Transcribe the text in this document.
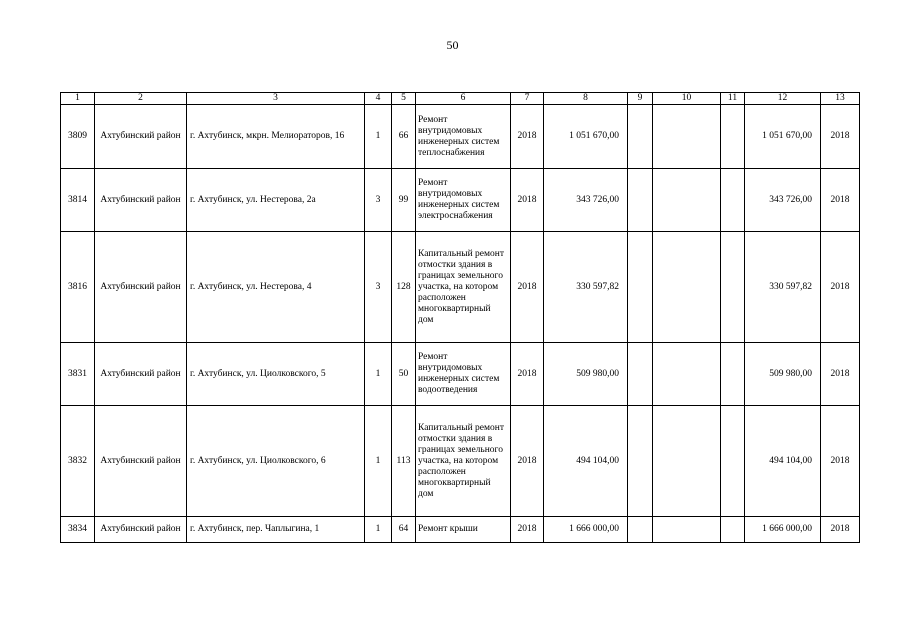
50
1	2	3	4	5	6	7	8	9	10	11	12	13
3809	Ахтубинский район	г. Ахтубинск, мкрн. Мелиораторов, 16	1	66	Ремонт внутридомовых инженерных систем теплоснабжения	2018	1 051 670,00				1 051 670,00	2018
3814	Ахтубинский район	г. Ахтубинск, ул. Нестерова, 2а	3	99	Ремонт внутридомовых инженерных систем электроснабжения	2018	343 726,00				343 726,00	2018
3816	Ахтубинский район	г. Ахтубинск, ул. Нестерова, 4	3	128	Капитальный ремонт отмостки здания в границах земельного участка, на котором расположен многоквартирный дом	2018	330 597,82				330 597,82	2018
3831	Ахтубинский район	г. Ахтубинск, ул. Циолковского, 5	1	50	Ремонт внутридомовых инженерных систем водоотведения	2018	509 980,00				509 980,00	2018
3832	Ахтубинский район	г. Ахтубинск, ул. Циолковского, 6	1	113	Капитальный ремонт отмостки здания в границах земельного участка, на котором расположен многоквартирный дом	2018	494 104,00				494 104,00	2018
3834	Ахтубинский район	г. Ахтубинск, пер. Чаплыгина, 1	1	64	Ремонт крыши	2018	1 666 000,00				1 666 000,00	2018
